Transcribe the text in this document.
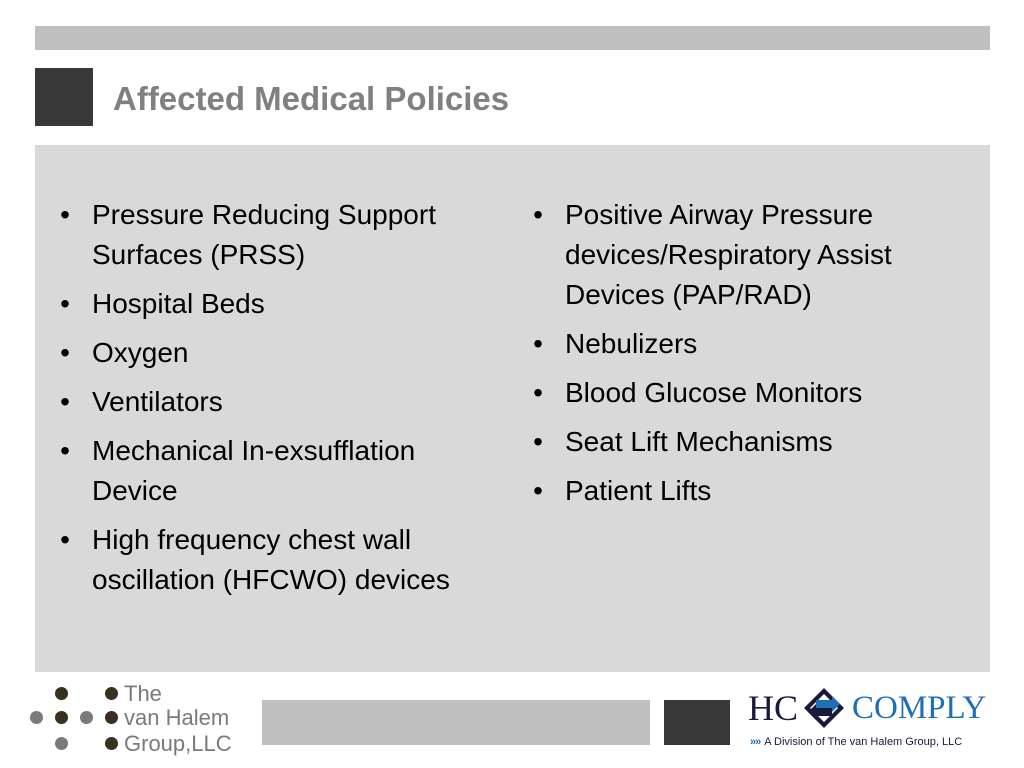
Affected Medical Policies
• Pressure Reducing Support Surfaces (PRSS)
• Hospital Beds
• Oxygen
• Ventilators
• Mechanical In-exsufflation Device
• High frequency chest wall oscillation (HFCWO) devices
• Positive Airway Pressure devices/Respiratory Assist Devices (PAP/RAD)
• Nebulizers
• Blood Glucose Monitors
• Seat Lift Mechanisms
• Patient Lifts
The
van Halem
Group,LLC
HC COMPLY
»» A Division of The van Halem Group, LLC
